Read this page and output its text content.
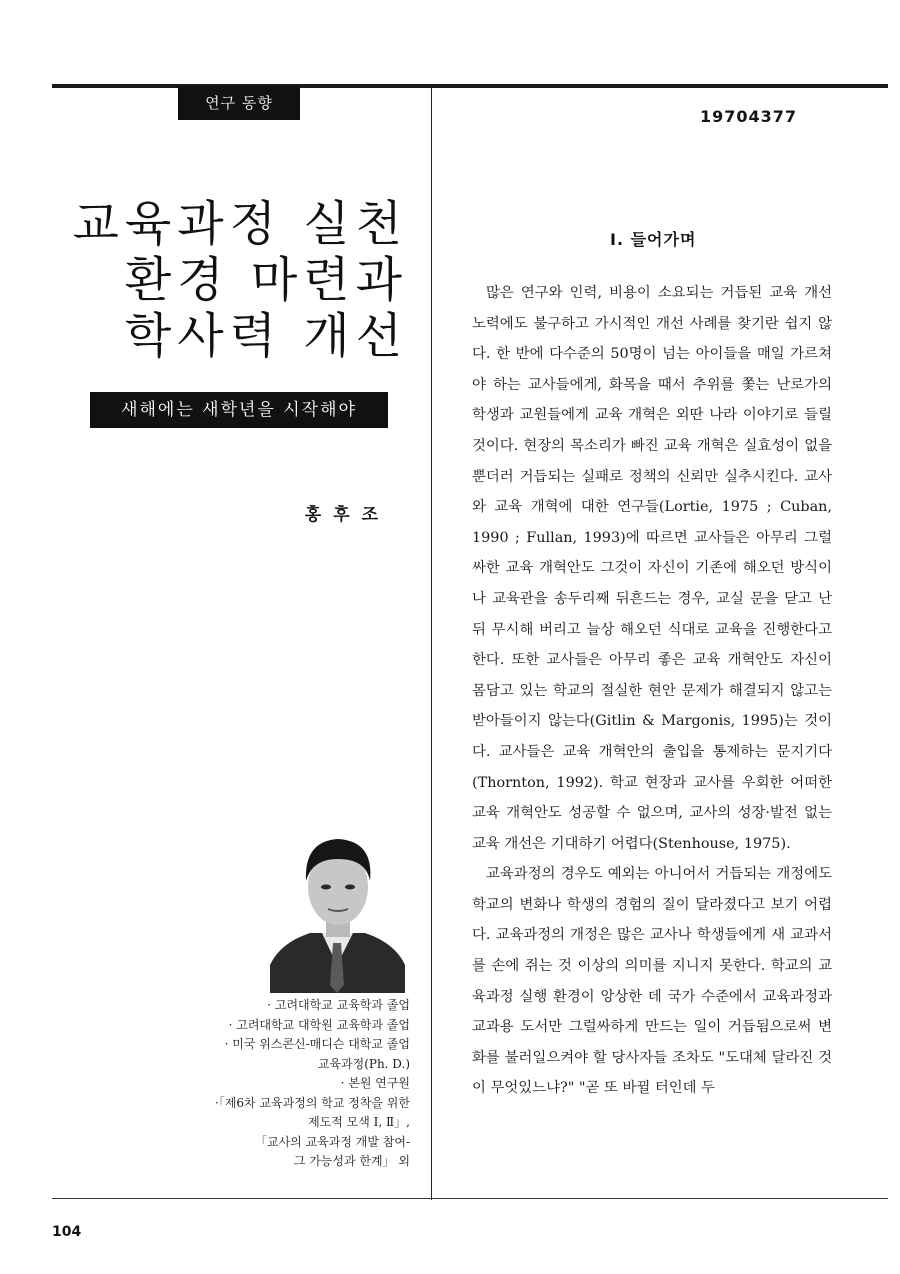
연구 동향
19704377
교육과정 실천
환경 마련과
학사력 개선
새해에는 새학년을 시작해야
홍후조
· 고려대학교 교육학과 졸업
· 고려대학교 대학원 교육학과 졸업
· 미국 위스콘신-매디슨 대학교 졸업
교육과정(Ph. D.)
· 본원 연구원
·「제6차 교육과정의 학교 정착을 위한
제도적 모색 Ⅰ, Ⅱ」,
「교사의 교육과정 개발 참여-
그 가능성과 한계」 외
Ⅰ. 들어가며

많은 연구와 인력, 비용이 소요되는 거듭된 교육 개선 노력에도 불구하고 가시적인 개선 사례를 찾기란 쉽지 않다. 한 반에 다수준의 50명이 넘는 아이들을 매일 가르쳐야 하는 교사들에게, 화목을 때서 추위를 쫓는 난로가의 학생과 교원들에게 교육 개혁은 외딴 나라 이야기로 들릴 것이다. 현장의 목소리가 빠진 교육 개혁은 실효성이 없을 뿐더러 거듭되는 실패로 정책의 신뢰만 실추시킨다. 교사와 교육 개혁에 대한 연구들(Lortie, 1975 ; Cuban, 1990 ; Fullan, 1993)에 따르면 교사들은 아무리 그럴싸한 교육 개혁안도 그것이 자신이 기존에 해오던 방식이나 교육관을 송두리째 뒤흔드는 경우, 교실 문을 닫고 난 뒤 무시해 버리고 늘상 해오던 식대로 교육을 진행한다고 한다. 또한 교사들은 아무리 좋은 교육 개혁안도 자신이 몸담고 있는 학교의 절실한 현안 문제가 해결되지 않고는 받아들이지 않는다(Gitlin & Margonis, 1995)는 것이다. 교사들은 교육 개혁안의 출입을 통제하는 문지기다(Thornton, 1992). 학교 현장과 교사를 우회한 어떠한 교육 개혁안도 성공할 수 없으며, 교사의 성장·발전 없는 교육 개선은 기대하기 어렵다(Stenhouse, 1975).

교육과정의 경우도 예외는 아니어서 거듭되는 개정에도 학교의 변화나 학생의 경험의 질이 달라졌다고 보기 어렵다. 교육과정의 개정은 많은 교사나 학생들에게 새 교과서를 손에 쥐는 것 이상의 의미를 지니지 못한다. 학교의 교육과정 실행 환경이 앙상한 데 국가 수준에서 교육과정과 교과용 도서만 그럴싸하게 만드는 일이 거듭됨으로써 변화를 불러일으켜야 할 당사자들 조차도 "도대체 달라진 것이 무엇있느냐?" "곧 또 바뀔 터인데 두

104
